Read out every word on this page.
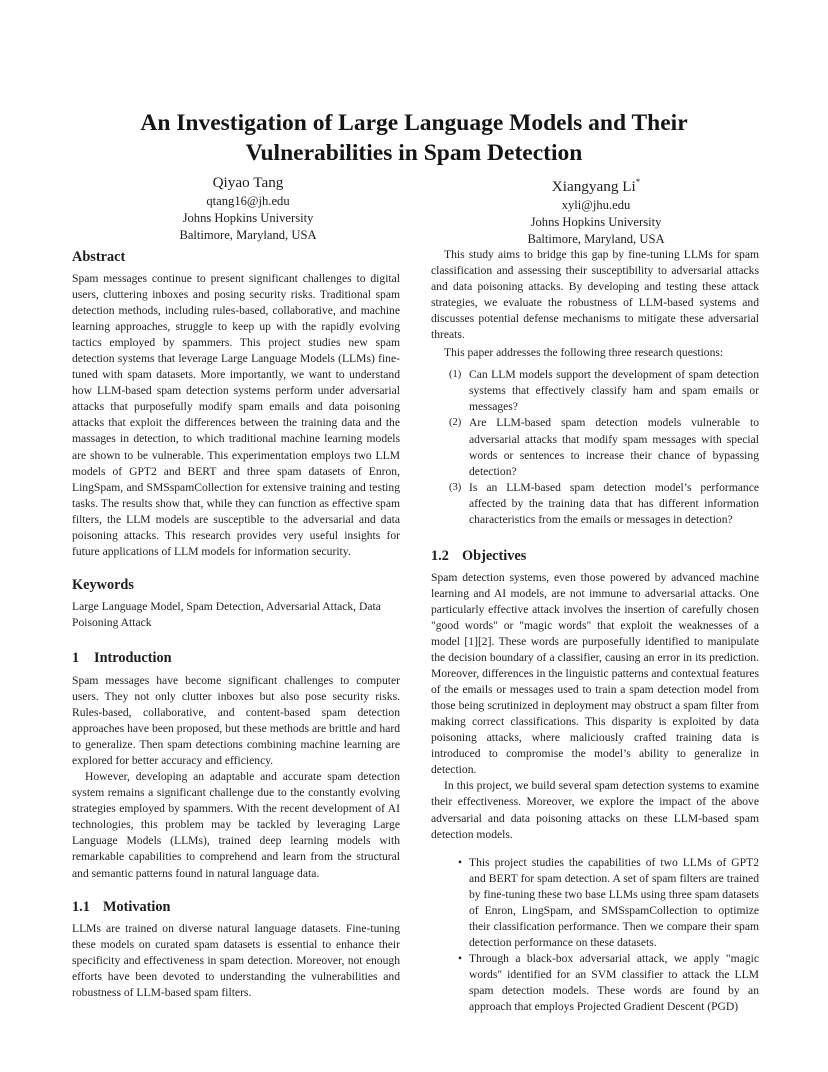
An Investigation of Large Language Models and Their
Vulnerabilities in Spam Detection
Qiyao Tang
qtang16@jh.edu
Johns Hopkins University
Baltimore, Maryland, USA
Xiangyang Li*
xyli@jhu.edu
Johns Hopkins University
Baltimore, Maryland, USA
Abstract

Spam messages continue to present significant challenges to digital users, cluttering inboxes and posing security risks. Traditional spam detection methods, including rules-based, collaborative, and machine learning approaches, struggle to keep up with the rapidly evolving tactics employed by spammers. This project studies new spam detection systems that leverage Large Language Models (LLMs) fine-tuned with spam datasets. More importantly, we want to understand how LLM-based spam detection systems perform under adversarial attacks that purposefully modify spam emails and data poisoning attacks that exploit the differences between the training data and the massages in detection, to which traditional machine learning models are shown to be vulnerable. This experimentation employs two LLM models of GPT2 and BERT and three spam datasets of Enron, LingSpam, and SMSspamCollection for extensive training and testing tasks. The results show that, while they can function as effective spam filters, the LLM models are susceptible to the adversarial and data poisoning attacks. This research provides very useful insights for future applications of LLM models for information security.

Keywords

Large Language Model, Spam Detection, Adversarial Attack, Data Poisoning Attack

1 Introduction

Spam messages have become significant challenges to computer users. They not only clutter inboxes but also pose security risks. Rules-based, collaborative, and content-based spam detection approaches have been proposed, but these methods are brittle and hard to generalize. Then spam detections combining machine learning are explored for better accuracy and efficiency.

However, developing an adaptable and accurate spam detection system remains a significant challenge due to the constantly evolving strategies employed by spammers. With the recent development of AI technologies, this problem may be tackled by leveraging Large Language Models (LLMs), trained deep learning models with remarkable capabilities to comprehend and learn from the structural and semantic patterns found in natural language data.

1.1 Motivation

LLMs are trained on diverse natural language datasets. Fine-tuning these models on curated spam datasets is essential to enhance their specificity and effectiveness in spam detection. Moreover, not enough efforts have been devoted to understanding the vulnerabilities and robustness of LLM-based spam filters.

This study aims to bridge this gap by fine-tuning LLMs for spam classification and assessing their susceptibility to adversarial attacks and data poisoning attacks. By developing and testing these attack strategies, we evaluate the robustness of LLM-based systems and discusses potential defense mechanisms to mitigate these adversarial threats.

This paper addresses the following three research questions:

(1) Can LLM models support the development of spam detection systems that effectively classify ham and spam emails or messages?
(2) Are LLM-based spam detection models vulnerable to adversarial attacks that modify spam messages with special words or sentences to increase their chance of bypassing detection?
(3) Is an LLM-based spam detection model’s performance affected by the training data that has different information characteristics from the emails or messages in detection?
1.2 Objectives

Spam detection systems, even those powered by advanced machine learning and AI models, are not immune to adversarial attacks. One particularly effective attack involves the insertion of carefully chosen "good words" or "magic words" that exploit the weaknesses of a model [1][2]. These words are purposefully identified to manipulate the decision boundary of a classifier, causing an error in its prediction. Moreover, differences in the linguistic patterns and contextual features of the emails or messages used to train a spam detection model from those being scrutinized in deployment may obstruct a spam filter from making correct classifications. This disparity is exploited by data poisoning attacks, where maliciously crafted training data is introduced to compromise the model’s ability to generalize in detection.

In this project, we build several spam detection systems to examine their effectiveness. Moreover, we explore the impact of the above adversarial and data poisoning attacks on these LLM-based spam detection models.

• This project studies the capabilities of two LLMs of GPT2 and BERT for spam detection. A set of spam filters are trained by fine-tuning these two base LLMs using three spam datasets of Enron, LingSpam, and SMSspamCollection to optimize their classification performance. Then we compare their spam detection performance on these datasets.
• Through a black-box adversarial attack, we apply "magic words" identified for an SVM classifier to attack the LLM spam detection models. These words are found by an approach that employs Projected Gradient Descent (PGD)
